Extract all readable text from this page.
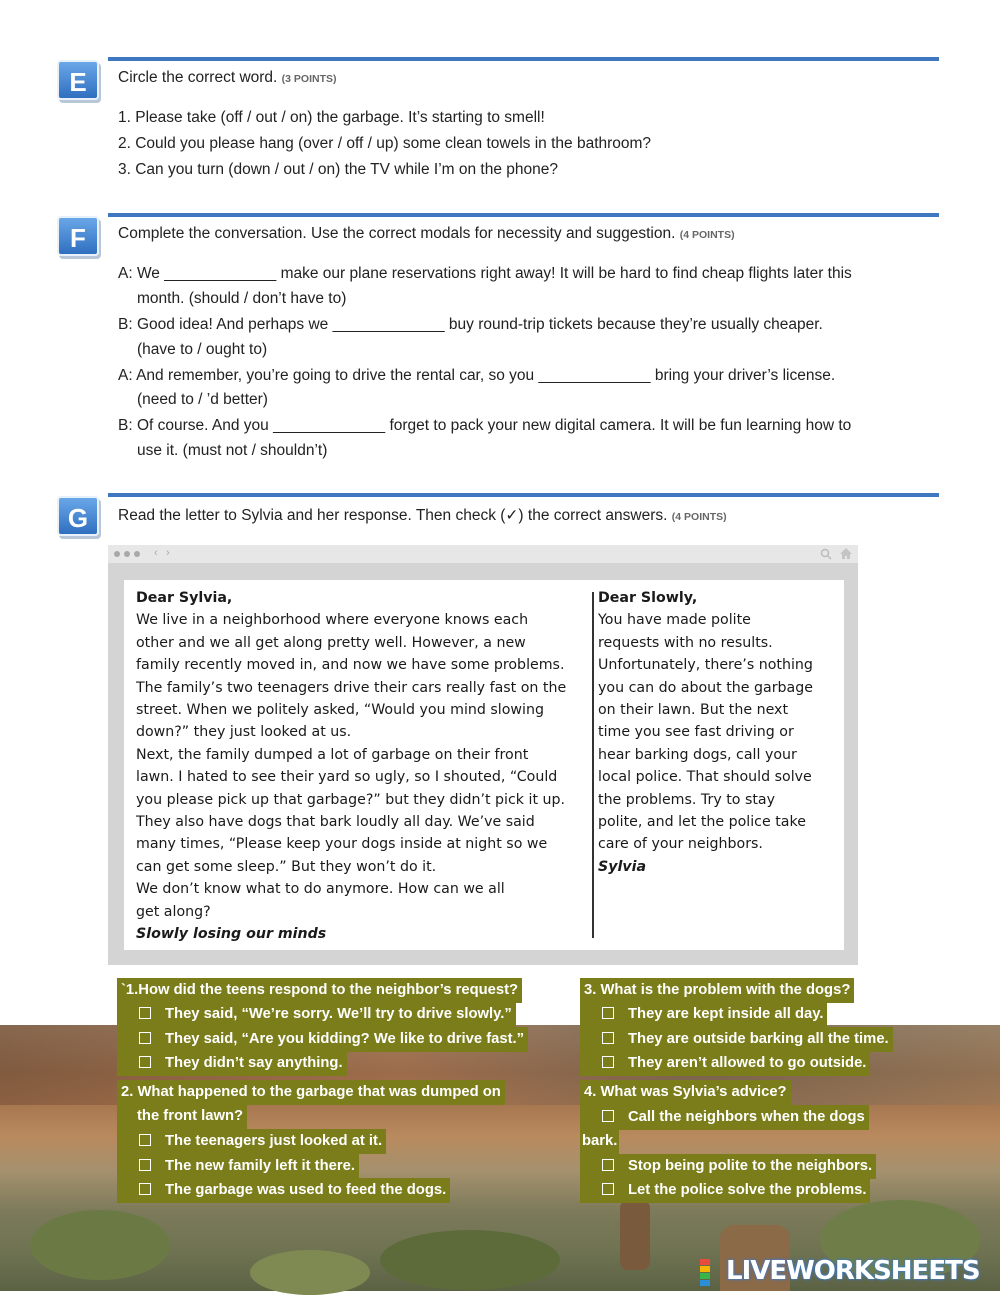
E	Circle the correct word. (3 POINTS)
1. Please take (off / out / on) the garbage. It’s starting to smell!
2. Could you please hang (over / off / up) some clean towels in the bathroom?
3. Can you turn (down / out / on) the TV while I’m on the phone?
F	Complete the conversation. Use the correct modals for necessity and suggestion. (4 POINTS)
A: We _____________ make our plane reservations right away! It will be hard to find cheap flights later this
month. (should / don’t have to)
B: Good idea! And perhaps we _____________ buy round-trip tickets because they’re usually cheaper.
(have to / ought to)
A: And remember, you’re going to drive the rental car, so you _____________ bring your driver’s license.
(need to / ’d better)
B: Of course. And you _____________ forget to pack your new digital camera. It will be fun learning how to
use it. (must not / shouldn’t)
G	Read the letter to Sylvia and her response. Then check (✓) the correct answers. (4 POINTS)
‹ ›
Dear Sylvia,
We live in a neighborhood where everyone knows each
other and we all get along pretty well. However, a new
family recently moved in, and now we have some problems.
The family’s two teenagers drive their cars really fast on the
street. When we politely asked, “Would you mind slowing
down?” they just looked at us.
Next, the family dumped a lot of garbage on their front
lawn. I hated to see their yard so ugly, so I shouted, “Could
you please pick up that garbage?” but they didn’t pick it up.
They also have dogs that bark loudly all day. We’ve said
many times, “Please keep your dogs inside at night so we
can get some sleep.” But they won’t do it.
We don’t know what to do anymore. How can we all
get along?
Slowly losing our minds
Dear Slowly,
You have made polite
requests with no results.
Unfortunately, there’s nothing
you can do about the garbage
on their lawn. But the next
time you see fast driving or
hear barking dogs, call your
local police. That should solve
the problems. Try to stay
polite, and let the police take
care of your neighbors.
Sylvia
`1.How did the teens respond to the neighbor’s request?
They said, “We’re sorry. We’ll try to drive slowly.”
They said, “Are you kidding? We like to drive fast.”
They didn’t say anything.
2. What happened to the garbage that was dumped on
the front lawn?
The teenagers just looked at it.
The new family left it there.
The garbage was used to feed the dogs.
3. What is the problem with the dogs?
They are kept inside all day.
They are outside barking all the time.
They aren’t allowed to go outside.
4. What was Sylvia’s advice?
Call the neighbors when the dogs
bark.
Stop being polite to the neighbors.
Let the police solve the problems.
LIVEWORKSHEETS
